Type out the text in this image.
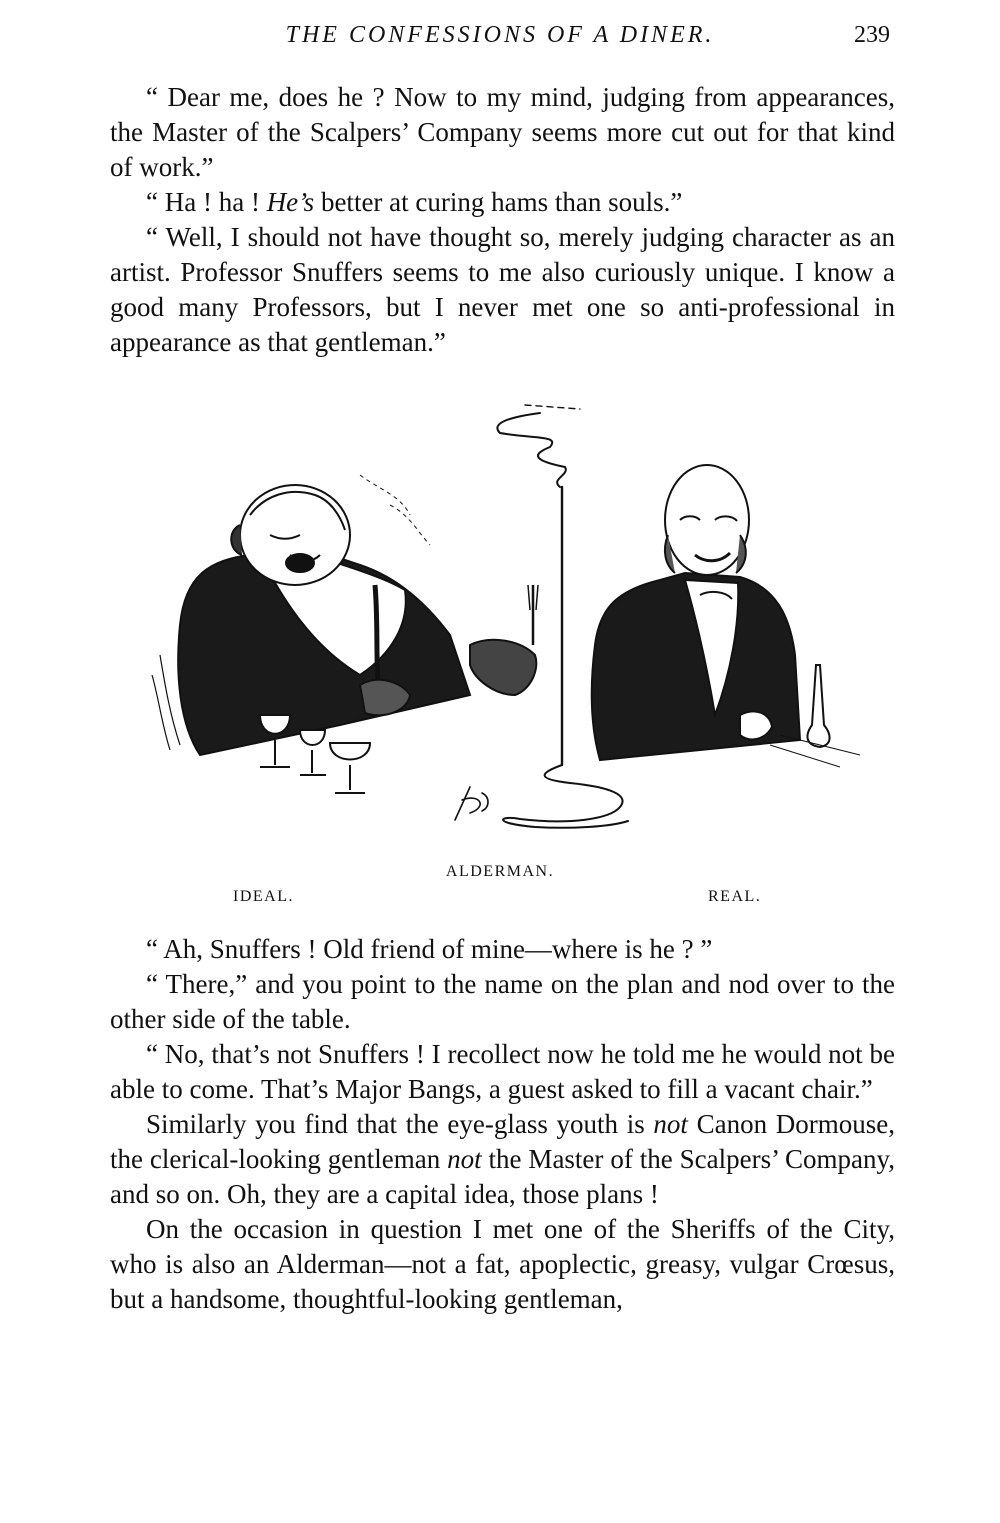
THE CONFESSIONS OF A DINER.	239

“ Dear me, does he ? Now to my mind, judging from appearances, the Master of the Scalpers’ Company seems more cut out for that kind of work.”

“ Ha ! ha ! He’s better at curing hams than souls.”

“ Well, I should not have thought so, merely judging character as an artist. Professor Snuffers seems to me also curiously unique. I know a good many Professors, but I never met one so anti-professional in appearance as that gentleman.”

ALDERMAN.
IDEAL.	REAL.

“ Ah, Snuffers ! Old friend of mine—where is he ? ”

“ There,” and you point to the name on the plan and nod over to the other side of the table.

“ No, that’s not Snuffers ! I recollect now he told me he would not be able to come. That’s Major Bangs, a guest asked to fill a vacant chair.”

Similarly you find that the eye-glass youth is not Canon Dormouse, the clerical-looking gentleman not the Master of the Scalpers’ Company, and so on. Oh, they are a capital idea, those plans !

On the occasion in question I met one of the Sheriffs of the City, who is also an Alderman—not a fat, apoplectic, greasy, vulgar Crœsus, but a handsome, thoughtful-looking gentleman,
